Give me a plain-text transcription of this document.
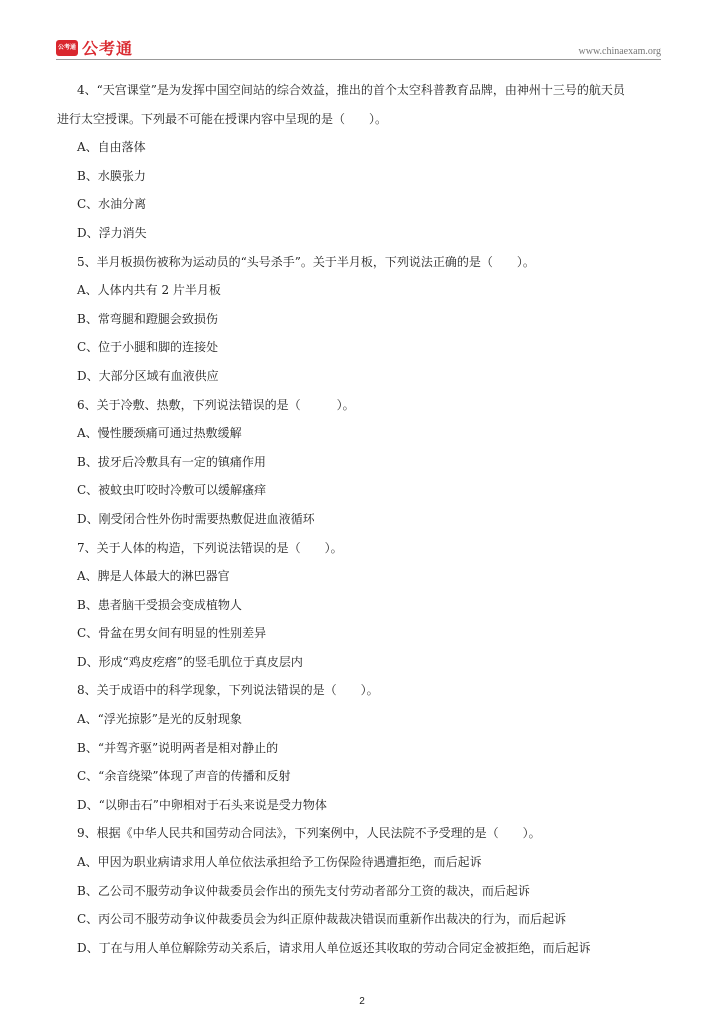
公考通 公考通	www.chinaexam.org
4、“天宫课堂”是为发挥中国空间站的综合效益，推出的首个太空科普教育品牌，由神州十三号的航天员
进行太空授课。下列最不可能在授课内容中呈现的是（　　）。
A、自由落体
B、水膜张力
C、水油分离
D、浮力消失
5、半月板损伤被称为运动员的“头号杀手”。关于半月板，下列说法正确的是（　　）。
A、人体内共有 2 片半月板
B、常弯腿和蹬腿会致损伤
C、位于小腿和脚的连接处
D、大部分区域有血液供应
6、关于冷敷、热敷，下列说法错误的是（　　　）。
A、慢性腰颈痛可通过热敷缓解
B、拔牙后冷敷具有一定的镇痛作用
C、被蚊虫叮咬时冷敷可以缓解瘙痒
D、刚受闭合性外伤时需要热敷促进血液循环
7、关于人体的构造，下列说法错误的是（　　）。
A、脾是人体最大的淋巴器官
B、患者脑干受损会变成植物人
C、骨盆在男女间有明显的性别差异
D、形成“鸡皮疙瘩”的竖毛肌位于真皮层内
8、关于成语中的科学现象，下列说法错误的是（　　）。
A、“浮光掠影”是光的反射现象
B、“并驾齐驱”说明两者是相对静止的
C、“余音绕梁”体现了声音的传播和反射
D、“以卵击石”中卵相对于石头来说是受力物体
9、根据《中华人民共和国劳动合同法》，下列案例中，人民法院不予受理的是（　　）。
A、甲因为职业病请求用人单位依法承担给予工伤保险待遇遭拒绝，而后起诉
B、乙公司不服劳动争议仲裁委员会作出的预先支付劳动者部分工资的裁决，而后起诉
C、丙公司不服劳动争议仲裁委员会为纠正原仲裁裁决错误而重新作出裁决的行为，而后起诉
D、丁在与用人单位解除劳动关系后，请求用人单位返还其收取的劳动合同定金被拒绝，而后起诉
2
